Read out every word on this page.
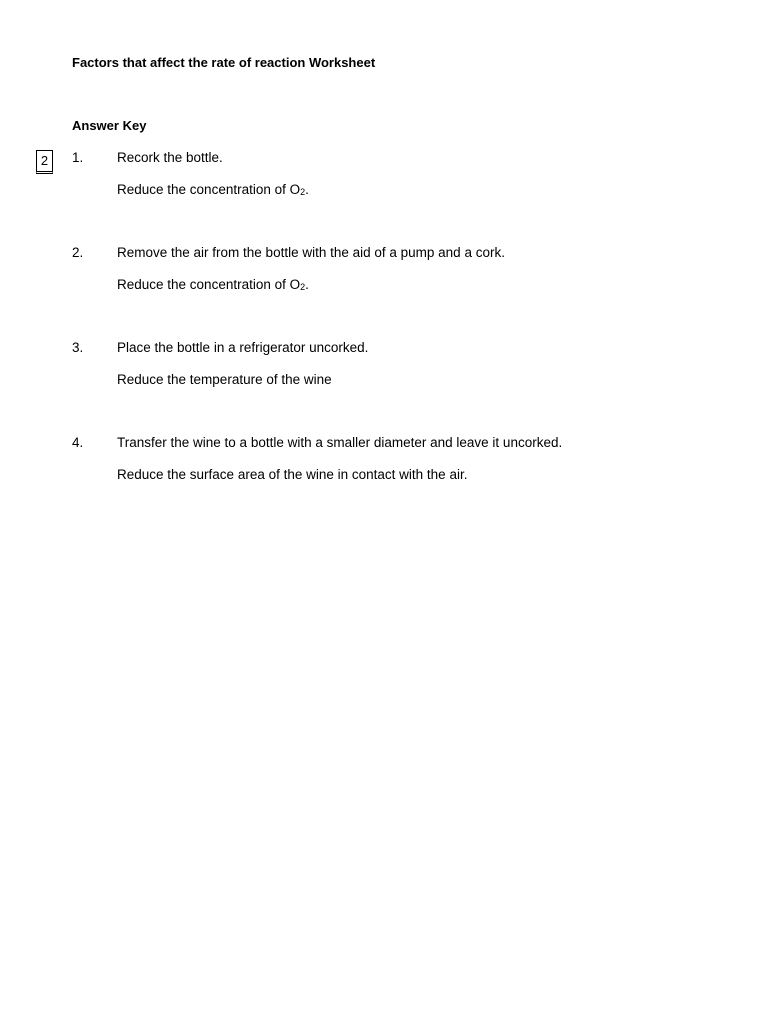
Factors that affect the rate of reaction Worksheet
Answer Key
2	1. Recork the bottle.
Reduce the concentration of $O_2$.
2. Remove the air from the bottle with the aid of a pump and a cork.
Reduce the concentration of $O_2$.
3. Place the bottle in a refrigerator uncorked.
Reduce the temperature of the wine
4. Transfer the wine to a bottle with a smaller diameter and leave it uncorked.
Reduce the surface area of the wine in contact with the air.
